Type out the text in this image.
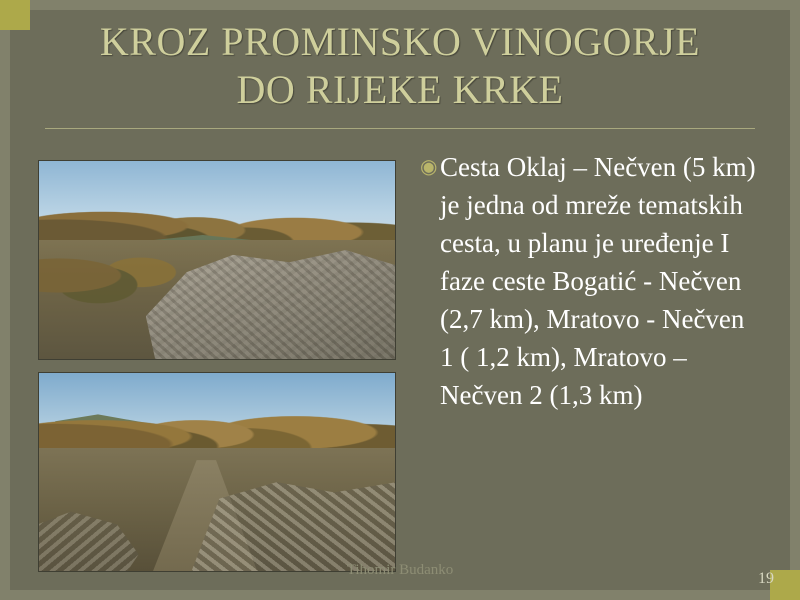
KROZ PROMINSKO VINOGORJE
DO RIJEKE KRKE
◉ Cesta Oklaj – Nečven (5 km) je jedna od mreže tematskih cesta, u planu je uređenje I faze ceste Bogatić - Nečven (2,7 km), Mratovo - Nečven 1 ( 1,2 km), Mratovo – Nečven 2 (1,3 km)
Tihomir Budanko	19
